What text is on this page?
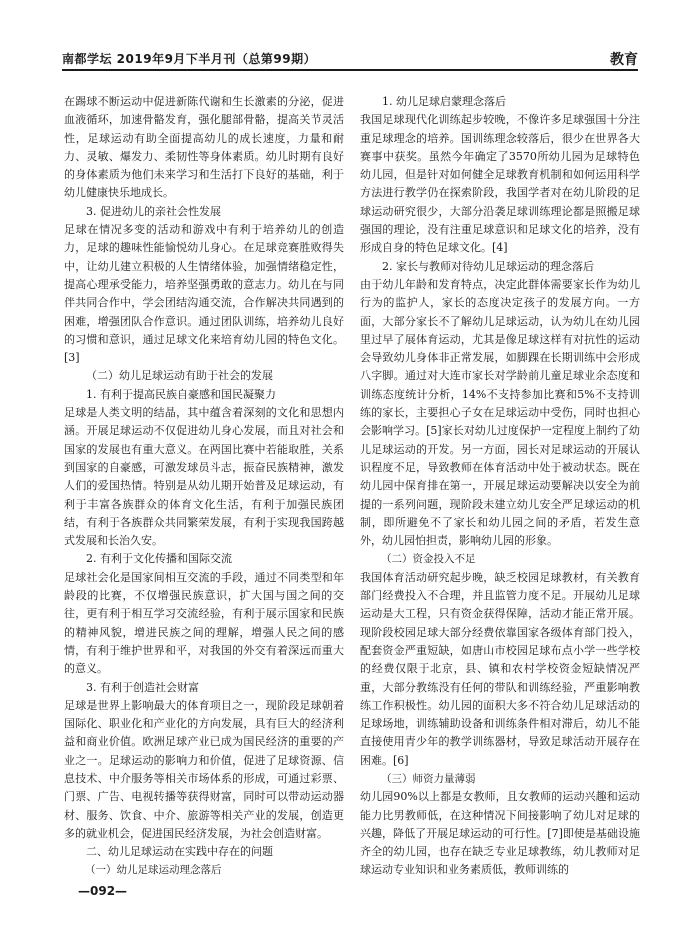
南都学坛 2019年9月下半月刊（总第99期）	教育
在踢球不断运动中促进新陈代谢和生长激素的分泌，促进血液循环，加速骨骼发育，强化腿部骨骼，提高关节灵活性，足球运动有助全面提高幼儿的成长速度，力量和耐力、灵敏、爆发力、柔韧性等身体素质。幼儿时期有良好的身体素质为他们未来学习和生活打下良好的基础，利于幼儿健康快乐地成长。
3. 促进幼儿的亲社会性发展
足球在情况多变的活动和游戏中有利于培养幼儿的创造力，足球的趣味性能愉悦幼儿身心。在足球竞赛胜败得失中，让幼儿建立积极的人生情绪体验，加强情绪稳定性，提高心理承受能力，培养坚强勇敢的意志力。幼儿在与同伴共同合作中，学会团结沟通交流，合作解决共同遇到的困难，增强团队合作意识。通过团队训练，培养幼儿良好的习惯和意识，通过足球文化来培育幼儿园的特色文化。[3]
（二）幼儿足球运动有助于社会的发展
1. 有利于提高民族自豪感和国民凝聚力
足球是人类文明的结晶，其中蕴含着深刻的文化和思想内涵。开展足球运动不仅促进幼儿身心发展，而且对社会和国家的发展也有重大意义。在两国比赛中若能取胜，关系到国家的自豪感，可激发球员斗志，振奋民族精神，激发人们的爱国热情。特别是从幼儿期开始普及足球运动，有利于丰富各族群众的体育文化生活，有利于加强民族团结，有利于各族群众共同繁荣发展，有利于实现我国跨越式发展和长治久安。
2. 有利于文化传播和国际交流
足球社会化是国家间相互交流的手段，通过不同类型和年龄段的比赛，不仅增强民族意识，扩大国与国之间的交往，更有利于相互学习交流经验，有利于展示国家和民族的精神风貌，增进民族之间的理解，增强人民之间的感情，有利于维护世界和平，对我国的外交有着深远而重大的意义。
3. 有利于创造社会财富
足球是世界上影响最大的体育项目之一，现阶段足球朝着国际化、职业化和产业化的方向发展，具有巨大的经济利益和商业价值。欧洲足球产业已成为国民经济的重要的产业之一。足球运动的影响力和价值，促进了足球资源、信息技术、中介服务等相关市场体系的形成，可通过彩票、门票、广告、电视转播等获得财富，同时可以带动运动器材、服务、饮食、中介、旅游等相关产业的发展，创造更多的就业机会，促进国民经济发展，为社会创造财富。
二、幼儿足球运动在实践中存在的问题
（一）幼儿足球运动理念落后
1. 幼儿足球启蒙理念落后
我国足球现代化训练起步较晚，不像许多足球强国十分注重足球理念的培养。国训练理念较落后，很少在世界各大赛事中获奖。虽然今年确定了3570所幼儿园为足球特色幼儿园，但是针对如何健全足球教育机制和如何运用科学方法进行教学仍在探索阶段，我国学者对在幼儿阶段的足球运动研究很少，大部分沿袭足球训练理论都是照搬足球强国的理论，没有注重足球意识和足球文化的培养，没有形成自身的特色足球文化。[4]
2. 家长与教师对待幼儿足球运动的理念落后
由于幼儿年龄和发育特点，决定此群体需要家长作为幼儿行为的监护人，家长的态度决定孩子的发展方向。一方面，大部分家长不了解幼儿足球运动，认为幼儿在幼儿园里过早了展体育运动，尤其是像足球这样有对抗性的运动会导致幼儿身体非正常发展，如脚踝在长期训练中会形成八字脚。通过对大连市家长对学龄前儿童足球业余态度和训练态度统计分析，14%不支持参加比赛和5%不支持训练的家长，主要担心子女在足球运动中受伤，同时也担心会影响学习。[5]家长对幼儿过度保护一定程度上制约了幼儿足球运动的开发。另一方面，园长对足球运动的开展认识程度不足，导致教师在体育活动中处于被动状态。既在幼儿园中保育排在第一，开展足球运动要解决以安全为前提的一系列问题，现阶段未建立幼儿安全严足球运动的机制，即所避免不了家长和幼儿园之间的矛盾，若发生意外，幼儿园怕担责，影响幼儿园的形象。
（二）资金投入不足
我国体育活动研究起步晚，缺乏校园足球教材，有关教育部门经费投入不合理，并且监管力度不足。开展幼儿足球运动是大工程，只有资金获得保障，活动才能正常开展。现阶段校园足球大部分经费依靠国家各级体育部门投入，配套资金严重短缺，如唐山市校园足球布点小学一些学校的经费仅限于北京，县、镇和农村学校资金短缺情况严重，大部分教练没有任何的带队和训练经验，严重影响教练工作积极性。幼儿园的面积大多不符合幼儿足球活动的足球场地，训练辅助设备和训练条件相对滞后，幼儿不能直接使用青少年的教学训练器材，导致足球活动开展存在困难。[6]
（三）师资力量薄弱
幼儿园90%以上都是女教师，且女教师的运动兴趣和运动能力比男教师低，在这种情况下间接影响了幼儿对足球的兴趣，降低了开展足球运动的可行性。[7]即使是基础设施齐全的幼儿园，也存在缺乏专业足球教练，幼儿教师对足球运动专业知识和业务素质低，教师训练的
—092—
